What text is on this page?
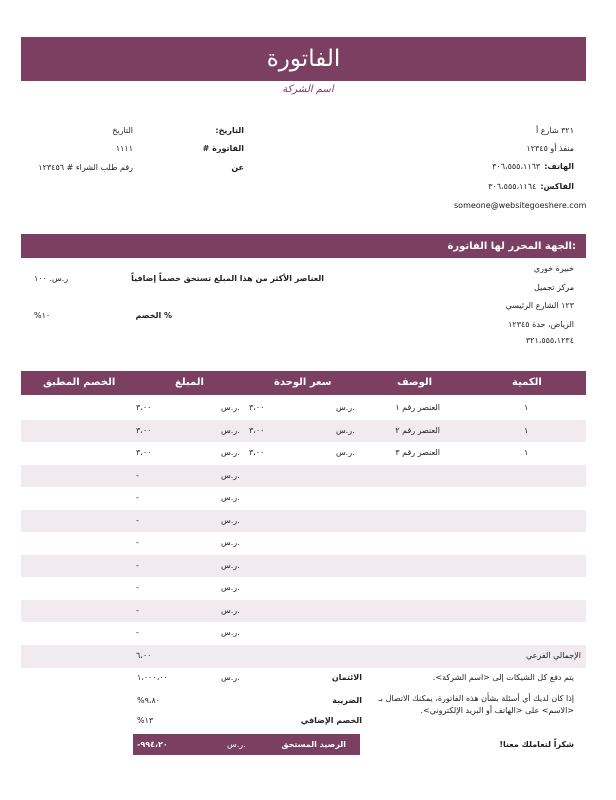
الفاتورة
اسم الشركة
٣٢١ شارع أ
منفذ أو ١٢٣٤٥
الهاتف:
٣٠٦،٥٥٥،١١٦٣
الفاكس:
٣٠٦،٥٥٥،١١٦٤
someone@websitegoeshere.com
التاريخ:
التاريخ
الفاتورة #
١١١١
عن
رقم طلب الشراء # ١٢٣٤٥٦
الجهة المحرر لها الفاتورة:
خبيرة خوري
مركز تجميل
١٢٣ الشارع الرئيسي
الرياض، حدة ١٢٣٤٥
٣٢١،٥٥٥،١٢٣٤
العناصر الأكثر من هذا المبلغ تستحق خصماً إضافياً
ر.س. ١٠٠
% الخصم
%١٠
الكمية
الوصف
سعر الوحدة
المبلغ
الخصم المطبق
١
العنصر رقم ١
ر.س.
٣،٠٠
ر.س.
٣،٠٠
١
العنصر رقم ٢
ر.س.
٣،٠٠
ر.س.
٣،٠٠
١
العنصر رقم ٣
ر.س.
٣،٠٠
ر.س.
٣،٠٠
ر.س.
-
ر.س.
-
ر.س.
-
ر.س.
-
ر.س.
-
ر.س.
-
ر.س.
-
ر.س.
-
الإجمالي الفرعي
٦،٠٠
يتم دفع كل الشيكات إلى <اسم الشركة>.
إذا كان لديك أي أسئلة بشأن هذه الفاتورة، يمكنك الاتصال بـ
<الاسم> على <الهاتف أو البريد الإلكتروني>.
شكراً لتعاملك معنا!
الائتمان
ر.س.
١،٠٠٠،٠٠
الضريبة
%٩،٨٠
الخصم الإضافي
%١٣
الرصيد المستحق
ر.س.
-٩٩٤،٢٠
